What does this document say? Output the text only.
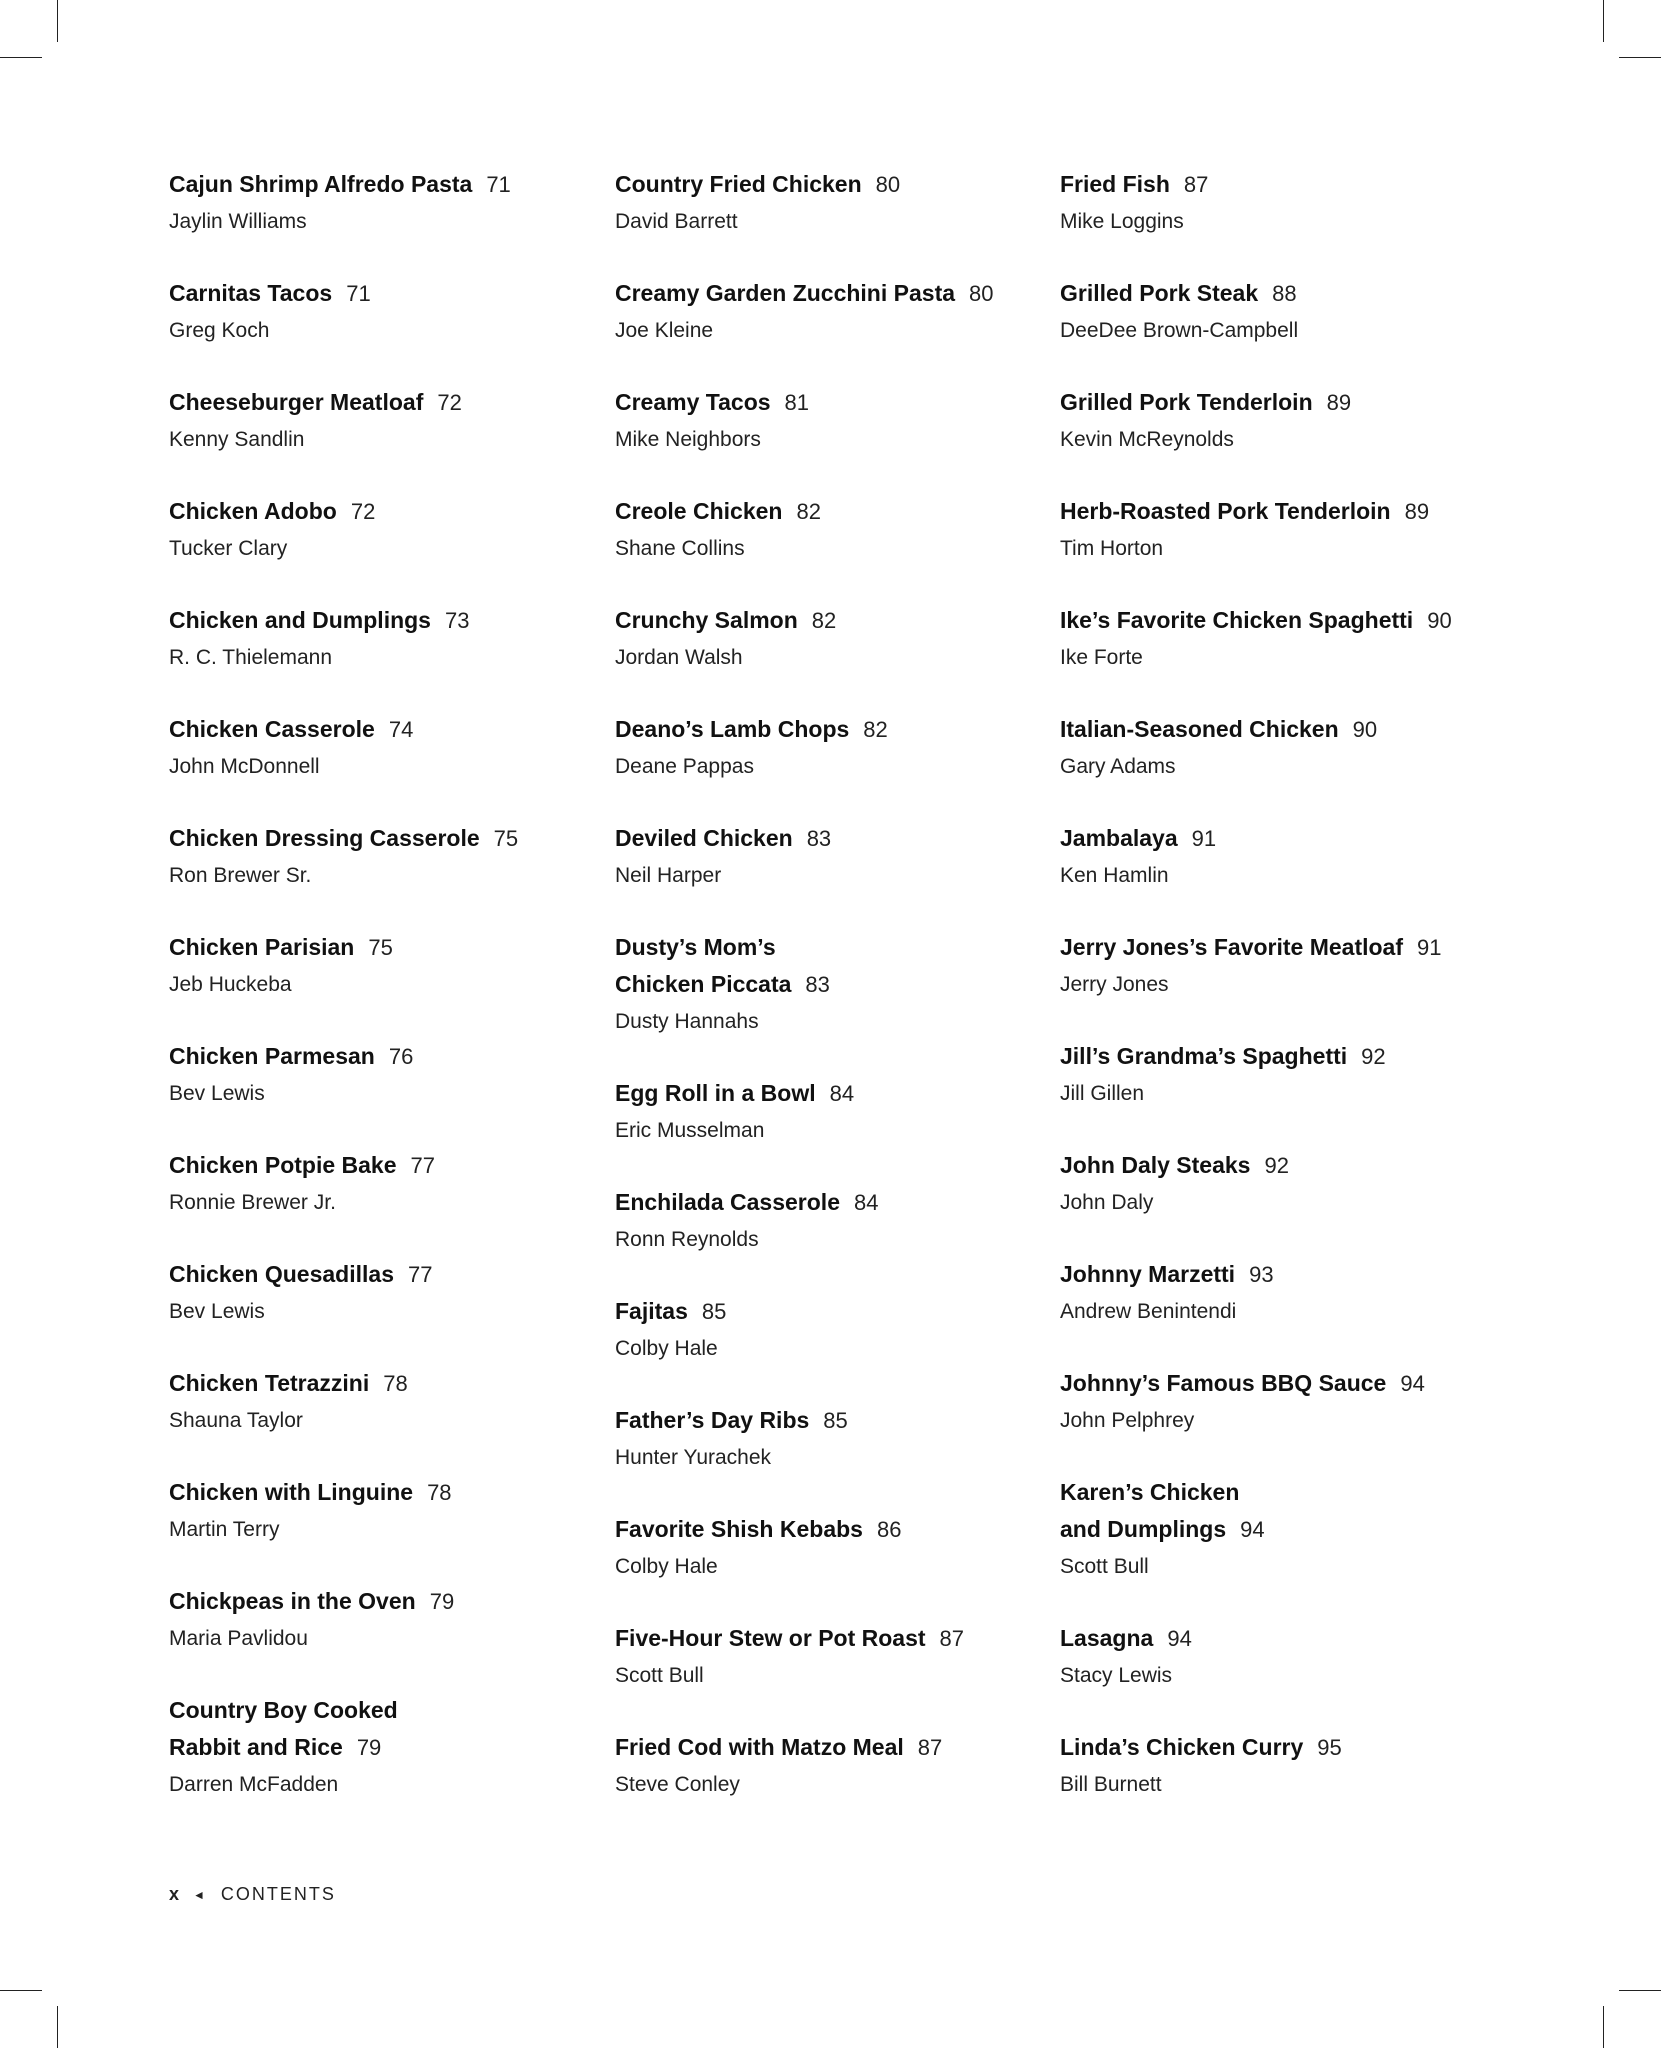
Cajun Shrimp Alfredo Pasta 71
Jaylin Williams
Carnitas Tacos 71
Greg Koch
Cheeseburger Meatloaf 72
Kenny Sandlin
Chicken Adobo 72
Tucker Clary
Chicken and Dumplings 73
R. C. Thielemann
Chicken Casserole 74
John McDonnell
Chicken Dressing Casserole 75
Ron Brewer Sr.
Chicken Parisian 75
Jeb Huckeba
Chicken Parmesan 76
Bev Lewis
Chicken Potpie Bake 77
Ronnie Brewer Jr.
Chicken Quesadillas 77
Bev Lewis
Chicken Tetrazzini 78
Shauna Taylor
Chicken with Linguine 78
Martin Terry
Chickpeas in the Oven 79
Maria Pavlidou
Country Boy Cooked
Rabbit and Rice 79
Darren McFadden
Country Fried Chicken 80
David Barrett
Creamy Garden Zucchini Pasta 80
Joe Kleine
Creamy Tacos 81
Mike Neighbors
Creole Chicken 82
Shane Collins
Crunchy Salmon 82
Jordan Walsh
Deano’s Lamb Chops 82
Deane Pappas
Deviled Chicken 83
Neil Harper
Dusty’s Mom’s
Chicken Piccata 83
Dusty Hannahs
Egg Roll in a Bowl 84
Eric Musselman
Enchilada Casserole 84
Ronn Reynolds
Fajitas 85
Colby Hale
Father’s Day Ribs 85
Hunter Yurachek
Favorite Shish Kebabs 86
Colby Hale
Five-Hour Stew or Pot Roast 87
Scott Bull
Fried Cod with Matzo Meal 87
Steve Conley
Fried Fish 87
Mike Loggins
Grilled Pork Steak 88
DeeDee Brown-Campbell
Grilled Pork Tenderloin 89
Kevin McReynolds
Herb-Roasted Pork Tenderloin 89
Tim Horton
Ike’s Favorite Chicken Spaghetti 90
Ike Forte
Italian-Seasoned Chicken 90
Gary Adams
Jambalaya 91
Ken Hamlin
Jerry Jones’s Favorite Meatloaf 91
Jerry Jones
Jill’s Grandma’s Spaghetti 92
Jill Gillen
John Daly Steaks 92
John Daly
Johnny Marzetti 93
Andrew Benintendi
Johnny’s Famous BBQ Sauce 94
John Pelphrey
Karen’s Chicken
and Dumplings 94
Scott Bull
Lasagna 94
Stacy Lewis
Linda’s Chicken Curry 95
Bill Burnett
x ◄ CONTENTS
